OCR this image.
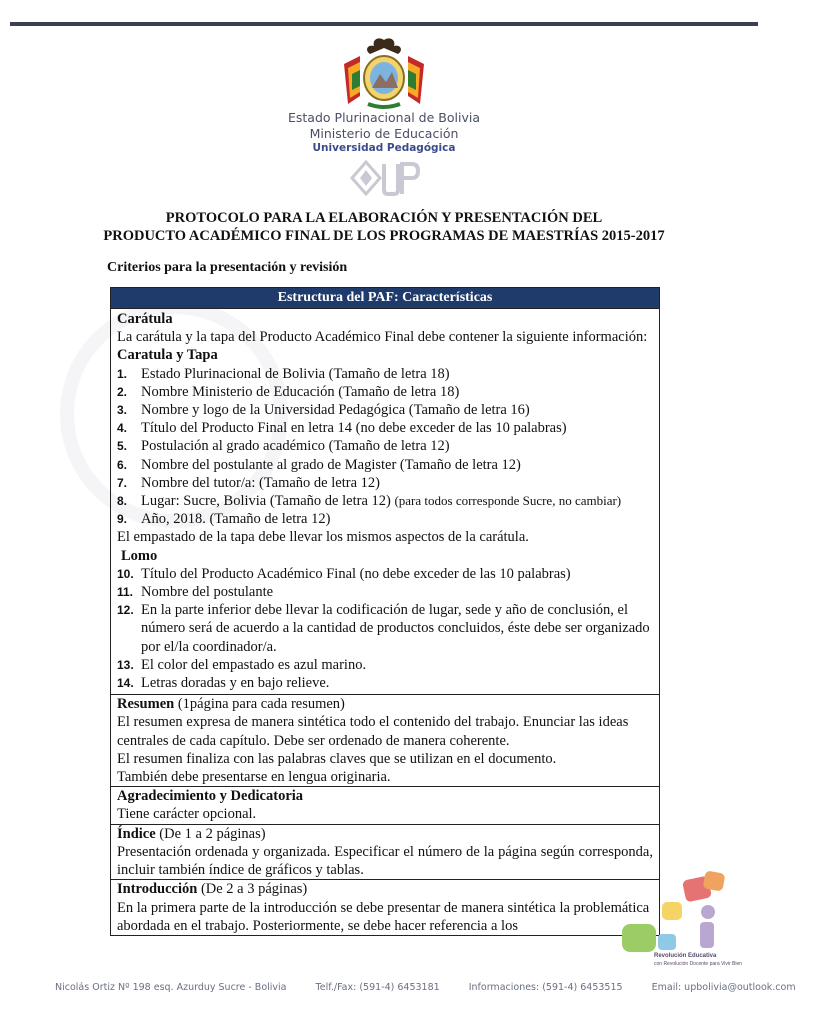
Estado Plurinacional de Bolivia
Ministerio de Educación
Universidad Pedagógica
PROTOCOLO PARA LA ELABORACIÓN Y PRESENTACIÓN DEL
PRODUCTO ACADÉMICO FINAL DE LOS PROGRAMAS DE MAESTRÍAS 2015-2017
Criterios para la presentación y revisión
Estructura del PAF: Características
Carátula
La carátula y la tapa del Producto Académico Final debe contener la siguiente información:
Caratula y Tapa
1. Estado Plurinacional de Bolivia (Tamaño de letra 18)
2. Nombre Ministerio de Educación (Tamaño de letra 18)
3. Nombre y logo de la Universidad Pedagógica (Tamaño de letra 16)
4. Título del Producto Final en letra 14 (no debe exceder de las 10 palabras)
5. Postulación al grado académico (Tamaño de letra 12)
6. Nombre del postulante al grado de Magister (Tamaño de letra 12)
7. Nombre del tutor/a: (Tamaño de letra 12)
8. Lugar: Sucre, Bolivia (Tamaño de letra 12) (para todos corresponde Sucre, no cambiar)
9. Año, 2018. (Tamaño de letra 12)
El empastado de la tapa debe llevar los mismos aspectos de la carátula.
Lomo
10. Título del Producto Académico Final (no debe exceder de las 10 palabras)
11. Nombre del postulante
12. En la parte inferior debe llevar la codificación de lugar, sede y año de conclusión, el número será de acuerdo a la cantidad de productos concluidos, éste debe ser organizado por el/la coordinador/a.
13. El color del empastado es azul marino.
14. Letras doradas y en bajo relieve.
Resumen (1página para cada resumen)
El resumen expresa de manera sintética todo el contenido del trabajo. Enunciar las ideas centrales de cada capítulo. Debe ser ordenado de manera coherente.
El resumen finaliza con las palabras claves que se utilizan en el documento.
También debe presentarse en lengua originaria.
Agradecimiento y Dedicatoria
Tiene carácter opcional.
Índice (De 1 a 2 páginas)
Presentación ordenada y organizada. Especificar el número de la página según corresponda, incluir también índice de gráficos y tablas.
Introducción (De 2 a 3 páginas)
En la primera parte de la introducción se debe presentar de manera sintética la problemática abordada en el trabajo. Posteriormente, se debe hacer referencia a los
Revolución Educativa
con Revolución Docente para Vivir Bien
Nicolás Ortiz Nº 198 esq. Azurduy Sucre - Bolivia	Telf./Fax: (591-4) 6453181	Informaciones: (591-4) 6453515	Email: upbolivia@outlook.com
